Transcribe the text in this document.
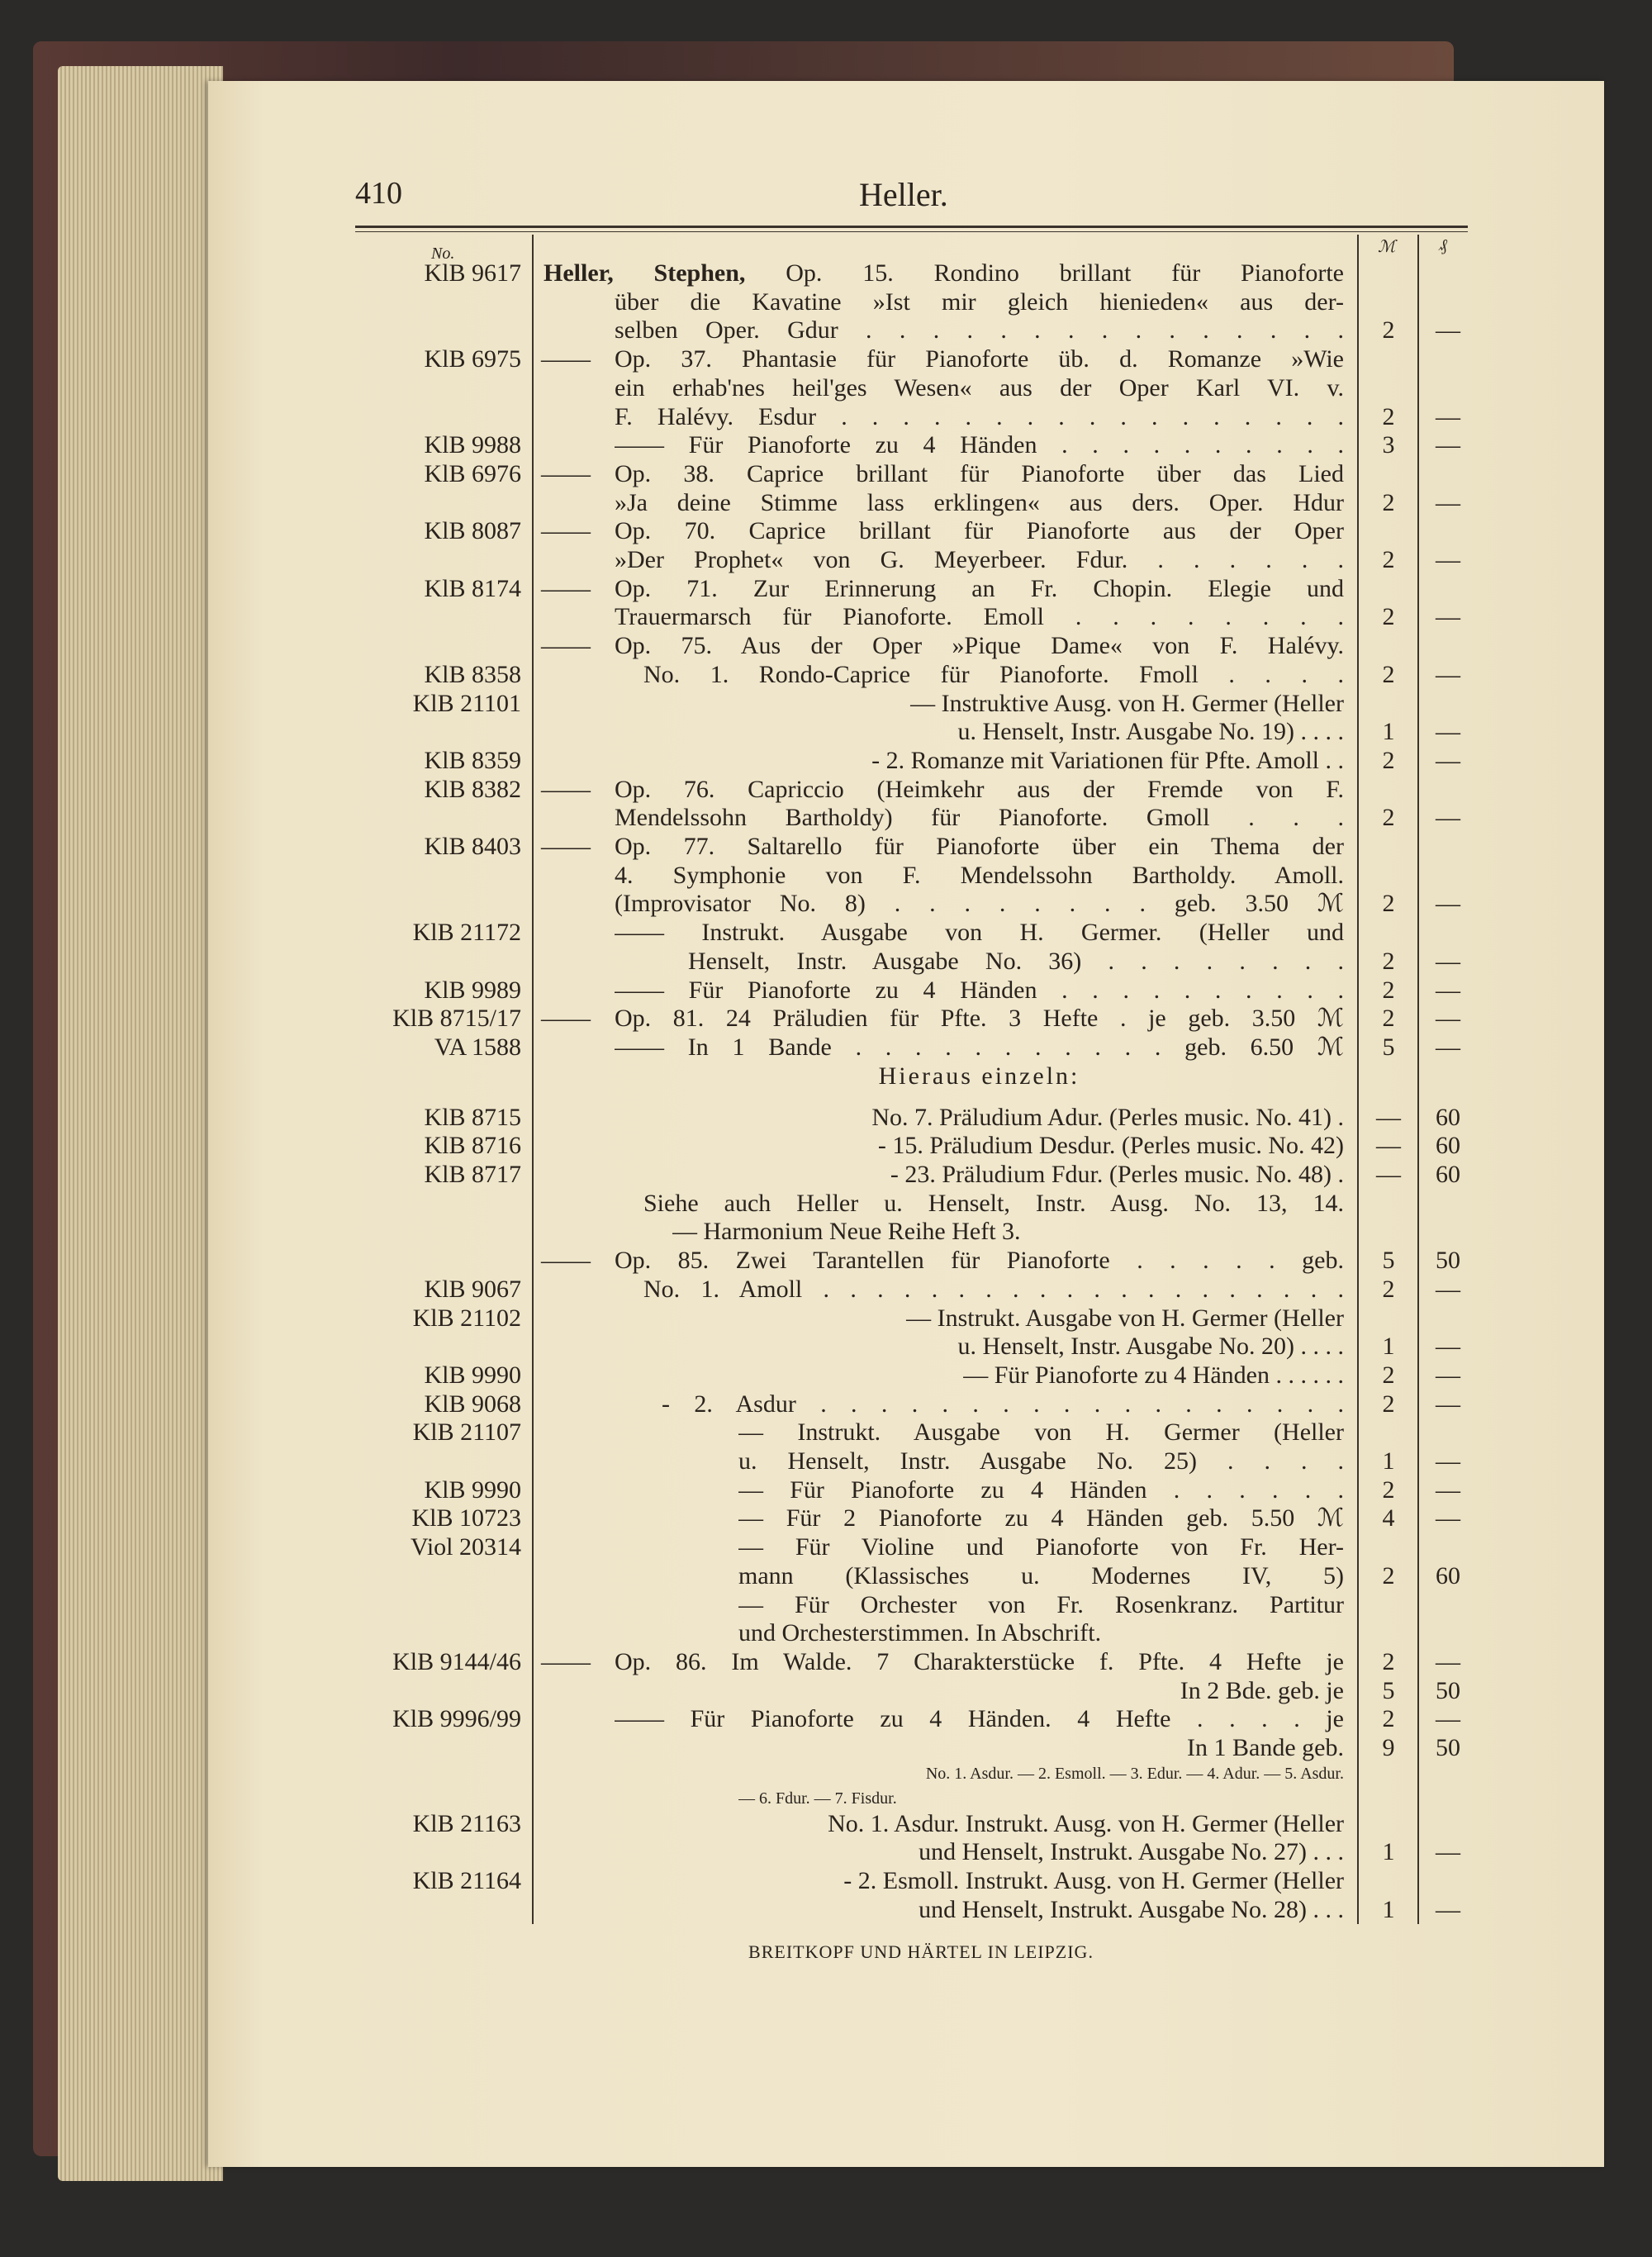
410	Heller.
No.	ℳ	₰
KlB 9617 Heller, Stephen, Op. 15. Rondino brillant für Pianoforte
über die Kavatine »Ist mir gleich hienieden« aus der-
selben Oper. Gdur . . . . . . . . . . . . . . .	2	—
KlB 6975 —— Op. 37. Phantasie für Pianoforte üb. d. Romanze »Wie
ein erhab'nes heil'ges Wesen« aus der Oper Karl VI. v.
F. Halévy. Esdur . . . . . . . . . . . . . . . . .	2	—
KlB 9988	—— Für Pianoforte zu 4 Händen . . . . . . . . . .	3	—
KlB 6976 —— Op. 38. Caprice brillant für Pianoforte über das Lied
»Ja deine Stimme lass erklingen« aus ders. Oper. Hdur	2	—
KlB 8087 —— Op. 70. Caprice brillant für Pianoforte aus der Oper
»Der Prophet« von G. Meyerbeer. Fdur. . . . . . .	2	—
KlB 8174 —— Op. 71. Zur Erinnerung an Fr. Chopin. Elegie und
Trauermarsch für Pianoforte. Emoll . . . . . . . .	2	—
—— Op. 75. Aus der Oper »Pique Dame« von F. Halévy.
KlB 8358	No. 1. Rondo-Caprice für Pianoforte. Fmoll . . . .	2	—
KlB 21101	— Instruktive Ausg. von H. Germer (Heller
u. Henselt, Instr. Ausgabe No. 19) . . . .	1	—
KlB 8359	- 2. Romanze mit Variationen für Pfte. Amoll . .	2	—
KlB 8382 —— Op. 76. Capriccio (Heimkehr aus der Fremde von F.
Mendelssohn Bartholdy) für Pianoforte. Gmoll . . .	2	—
KlB 8403 —— Op. 77. Saltarello für Pianoforte über ein Thema der
4. Symphonie von F. Mendelssohn Bartholdy. Amoll.
(Improvisator No. 8) . . . . . . . . geb. 3.50 ℳ	2	—
KlB 21172	—— Instrukt. Ausgabe von H. Germer. (Heller und
Henselt, Instr. Ausgabe No. 36) . . . . . . . .	2	—
KlB 9989	—— Für Pianoforte zu 4 Händen . . . . . . . . . .	2	—
KlB 8715/17 —— Op. 81. 24 Präludien für Pfte. 3 Hefte . je geb. 3.50 ℳ	2	—
VA 1588	—— In 1 Bande . . . . . . . . . . . geb. 6.50 ℳ	5	—
Hieraus einzeln:
KlB 8715	No. 7. Präludium Adur. (Perles music. No. 41) .	—	60
KlB 8716	- 15. Präludium Desdur. (Perles music. No. 42)	—	60
KlB 8717	- 23. Präludium Fdur. (Perles music. No. 48) .	—	60
Siehe auch Heller u. Henselt, Instr. Ausg. No. 13, 14.
— Harmonium Neue Reihe Heft 3.
—— Op. 85. Zwei Tarantellen für Pianoforte . . . . . geb.	5	50
KlB 9067	No. 1. Amoll . . . . . . . . . . . . . . . . . . . .	2	—
KlB 21102	— Instrukt. Ausgabe von H. Germer (Heller
u. Henselt, Instr. Ausgabe No. 20) . . . .	1	—
KlB 9990	— Für Pianoforte zu 4 Händen . . . . . .	2	—
KlB 9068	- 2. Asdur . . . . . . . . . . . . . . . . . .	2	—
KlB 21107	— Instrukt. Ausgabe von H. Germer (Heller
u. Henselt, Instr. Ausgabe No. 25) . . . .	1	—
KlB 9990	— Für Pianoforte zu 4 Händen . . . . . .	2	—
KlB 10723	— Für 2 Pianoforte zu 4 Händen geb. 5.50 ℳ	4	—
Viol 20314	— Für Violine und Pianoforte von Fr. Her-
mann (Klassisches u. Modernes IV, 5)	2	60
— Für Orchester von Fr. Rosenkranz. Partitur
und Orchesterstimmen. In Abschrift.
KlB 9144/46 —— Op. 86. Im Walde. 7 Charakterstücke f. Pfte. 4 Hefte je	2	—
In 2 Bde. geb. je	5	50
KlB 9996/99	—— Für Pianoforte zu 4 Händen. 4 Hefte . . . . je	2	—
In 1 Bande geb.	9	50
No. 1. Asdur. — 2. Esmoll. — 3. Edur. — 4. Adur. — 5. Asdur.
— 6. Fdur. — 7. Fisdur.
KlB 21163	No. 1. Asdur. Instrukt. Ausg. von H. Germer (Heller
und Henselt, Instrukt. Ausgabe No. 27) . . .	1	—
KlB 21164	- 2. Esmoll. Instrukt. Ausg. von H. Germer (Heller
und Henselt, Instrukt. Ausgabe No. 28) . . .	1	—
BREITKOPF UND HÄRTEL IN LEIPZIG.
